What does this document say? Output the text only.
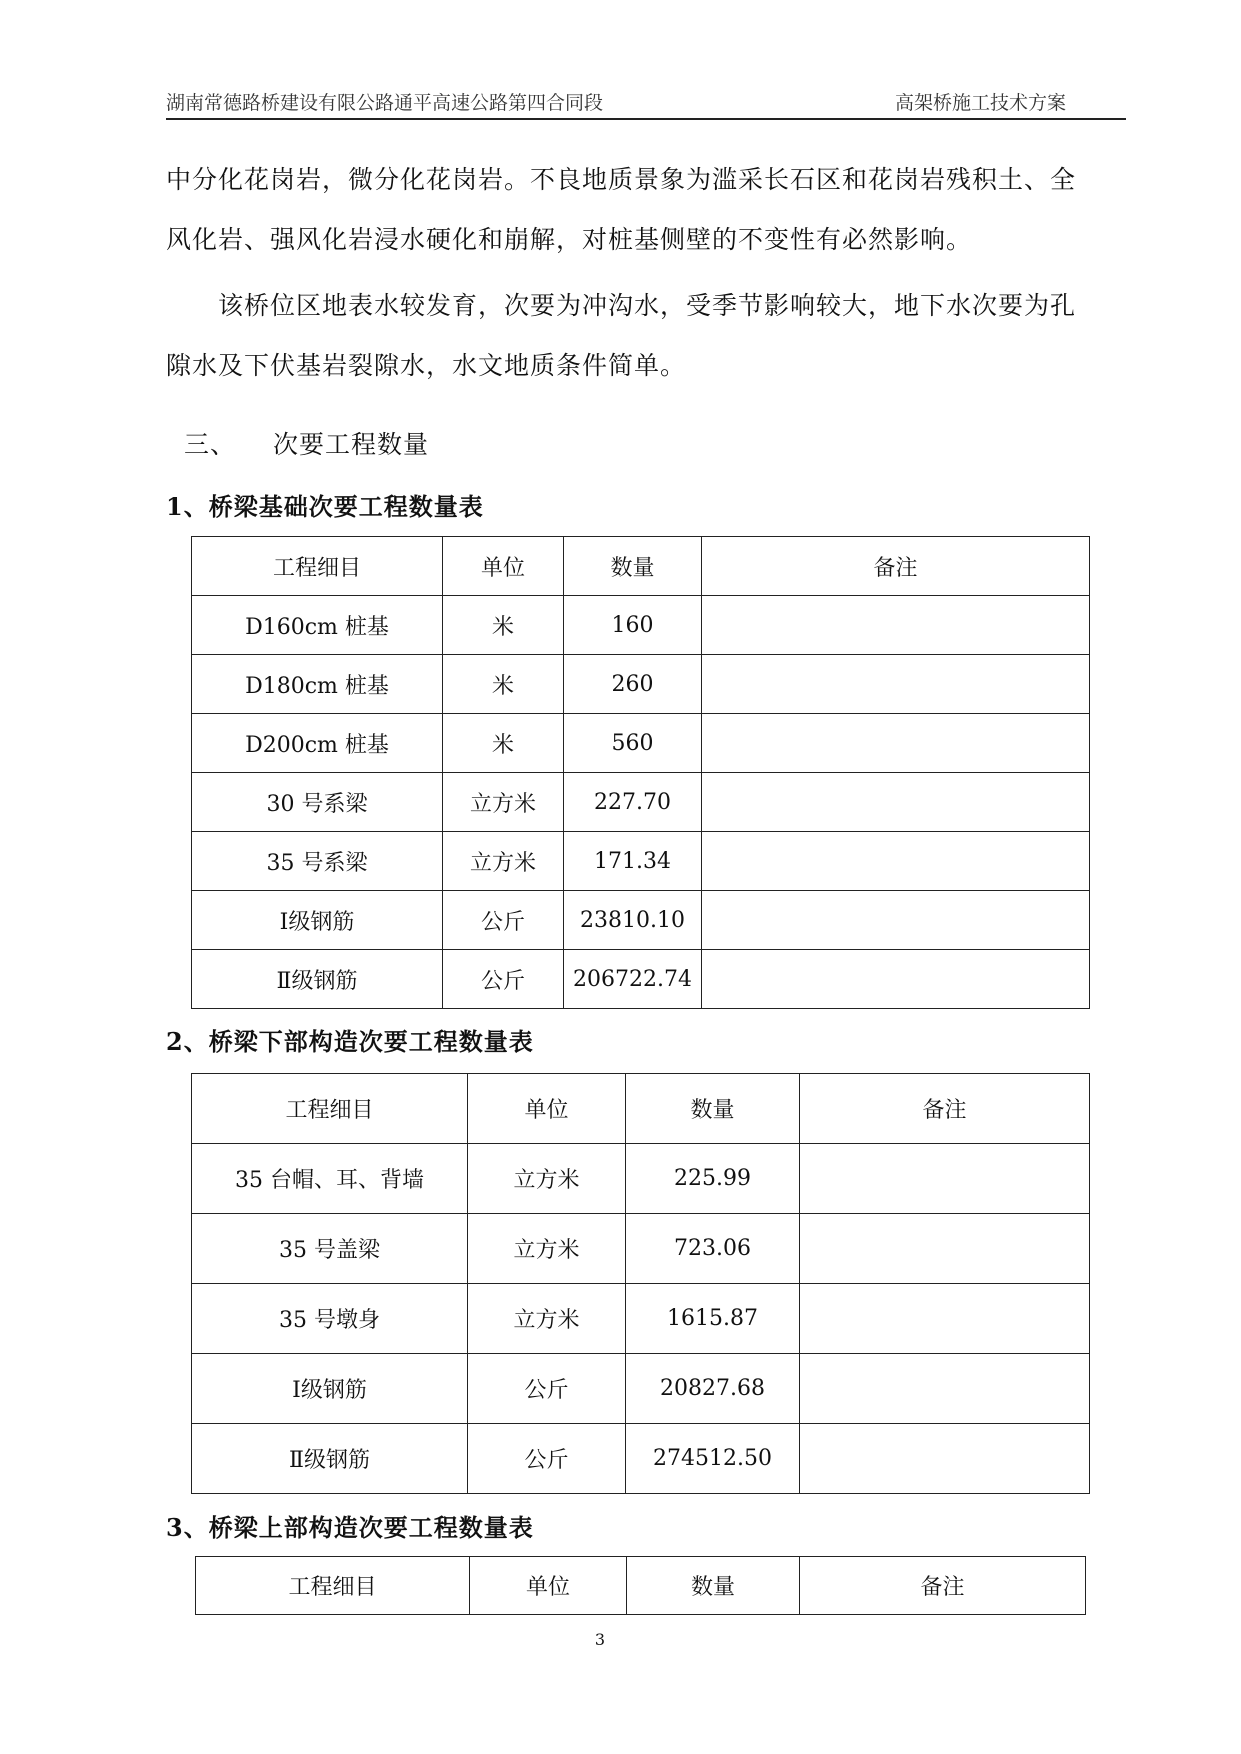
湖南常德路桥建设有限公路通平高速公路第四合同段	高架桥施工技术方案
中分化花岗岩，微分化花岗岩。不良地质景象为滥采长石区和花岗岩残积土、全
风化岩、强风化岩浸水硬化和崩解，对桩基侧壁的不变性有必然影响。
　　该桥位区地表水较发育，次要为冲沟水，受季节影响较大，地下水次要为孔
隙水及下伏基岩裂隙水，水文地质条件简单。
三、 次要工程数量
1、桥梁基础次要工程数量表
工程细目	单位	数量	备注
D160cm 桩基	米	160	
D180cm 桩基	米	260	
D200cm 桩基	米	560	
30 号系梁	立方米	227.70	
35 号系梁	立方米	171.34	
Ⅰ级钢筋	公斤	23810.10	
Ⅱ级钢筋	公斤	206722.74	
2、桥梁下部构造次要工程数量表
工程细目	单位	数量	备注
35 台帽、耳、背墙	立方米	225.99	
35 号盖梁	立方米	723.06	
35 号墩身	立方米	1615.87	
Ⅰ级钢筋	公斤	20827.68	
Ⅱ级钢筋	公斤	274512.50	
3、桥梁上部构造次要工程数量表
工程细目	单位	数量	备注
3
